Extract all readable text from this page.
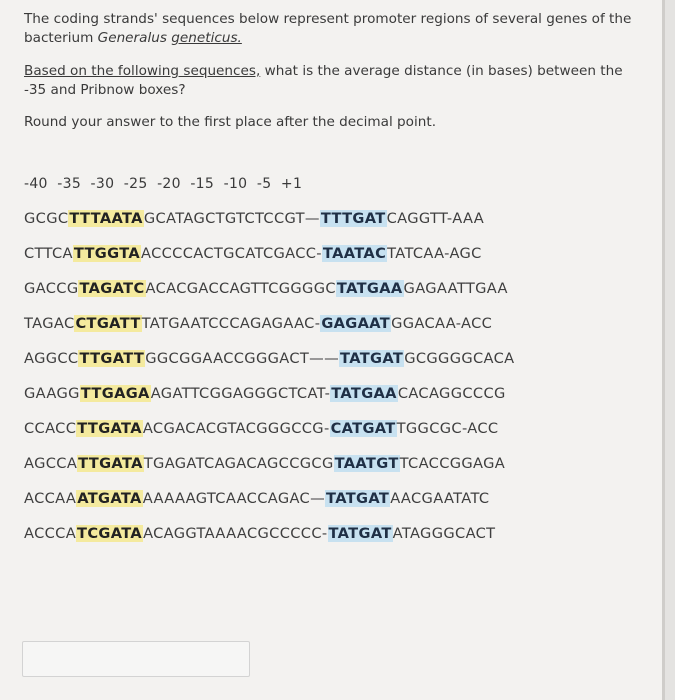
The coding strands' sequences below represent promoter regions of several genes of the bacterium Generalus geneticus.
Based on the following sequences, what is the average distance (in bases) between the -35 and Pribnow boxes?
Round your answer to the first place after the decimal point.
-40  -35  -30  -25  -20  -15  -10  -5  +1
GCGCTTTAATAGCATAGCTGTCTCCGT—TTTGATCAGGTT-AAA
CTTCATTGGTAACCCCACTGCATCGACC-TAATACTATCAA-AGC
GACCGTAGATCACACGACCAGTTCGGGGCTATGAAGAGAATTGAA
TAGACCTGATTTATGAATCCCAGAGAAC-GAGAATGGACAA-ACC
AGGCCTTGATTGGCGGAACCGGGACT——TATGATGCGGGGCACA
GAAGGTTGAGAAGATTCGGAGGGCTCAT-TATGAACACAGGCCCG
CCACCTTGATAACGACACGTACGGGCCG-CATGATTGGCGC-ACC
AGCCATTGATATGAGATCAGACAGCCGCGTAATGTTCACCGGAGA
ACCAAATGATAAAAAAGTCAACCAGAC—TATGATAACGAATATC
ACCCATCGATAACAGGTAAAACGCCCCC-TATGATATAGGGCACT
